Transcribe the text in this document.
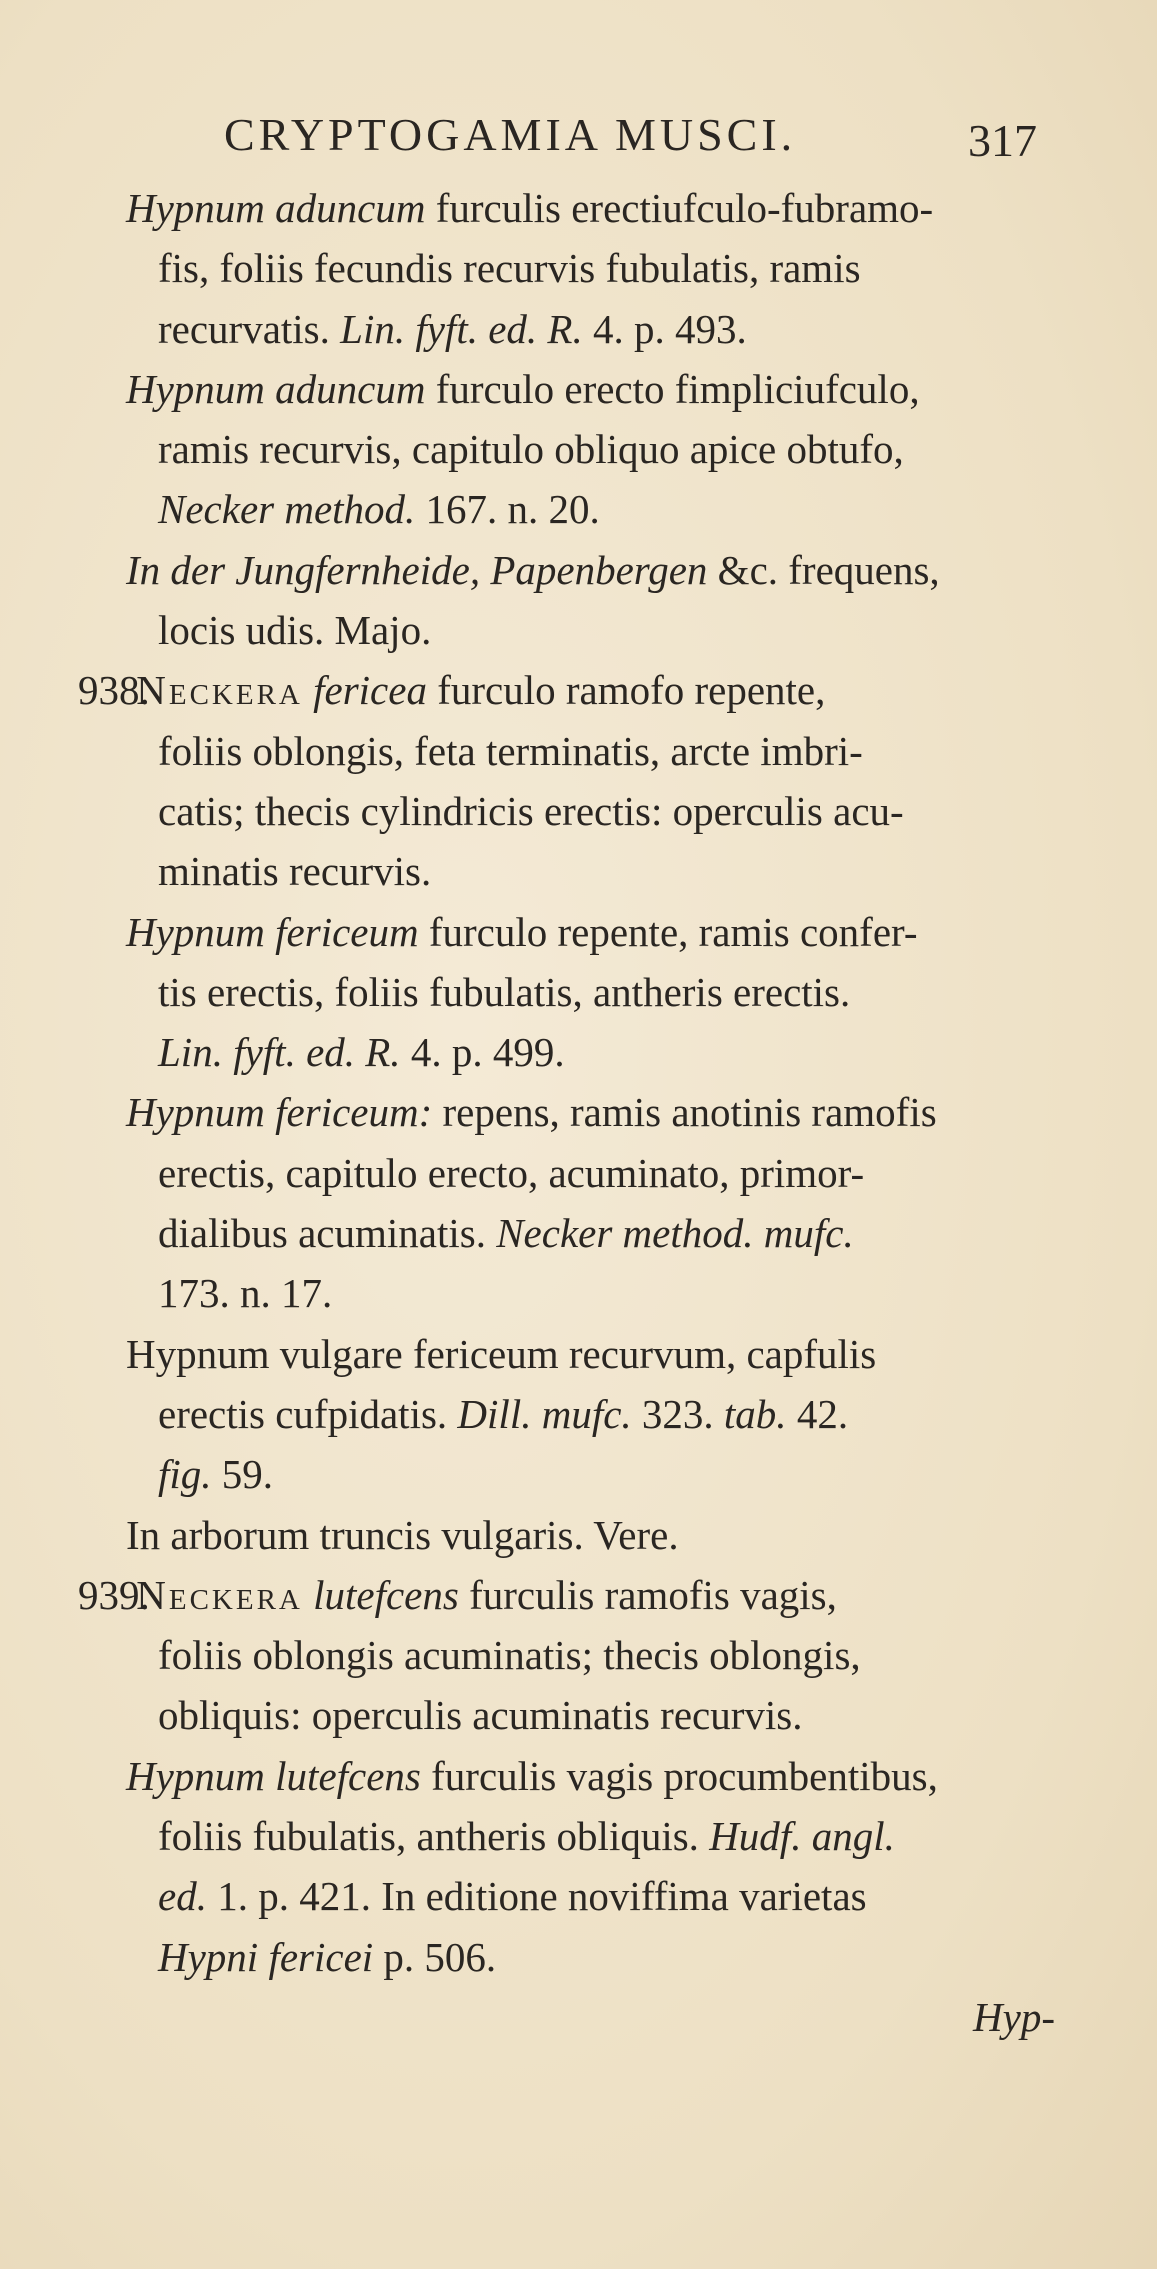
CRYPTOGAMIA MUSCI.	317
Hypnum aduncum furculis erectiufculo-fubramo-
fis, foliis fecundis recurvis fubulatis, ramis
recurvatis. Lin. fyft. ed. R. 4. p. 493.
Hypnum aduncum furculo erecto fimpliciufculo,
ramis recurvis, capitulo obliquo apice obtufo,
Necker method. 167. n. 20.
In der Jungfernheide, Papenbergen &c. frequens,
locis udis. Majo.
938. Neckera fericea furculo ramofo repente,
foliis oblongis, feta terminatis, arcte imbri-
catis; thecis cylindricis erectis: operculis acu-
minatis recurvis.
Hypnum fericeum furculo repente, ramis confer-
tis erectis, foliis fubulatis, antheris erectis.
Lin. fyft. ed. R. 4. p. 499.
Hypnum fericeum: repens, ramis anotinis ramofis
erectis, capitulo erecto, acuminato, primor-
dialibus acuminatis. Necker method. mufc.
173. n. 17.
Hypnum vulgare fericeum recurvum, capfulis
erectis cufpidatis. Dill. mufc. 323. tab. 42.
fig. 59.
In arborum truncis vulgaris. Vere.
939. Neckera lutefcens furculis ramofis vagis,
foliis oblongis acuminatis; thecis oblongis,
obliquis: operculis acuminatis recurvis.
Hypnum lutefcens furculis vagis procumbentibus,
foliis fubulatis, antheris obliquis. Hudf. angl.
ed. 1. p. 421. In editione noviffima varietas
Hypni fericei p. 506.
Hyp-
